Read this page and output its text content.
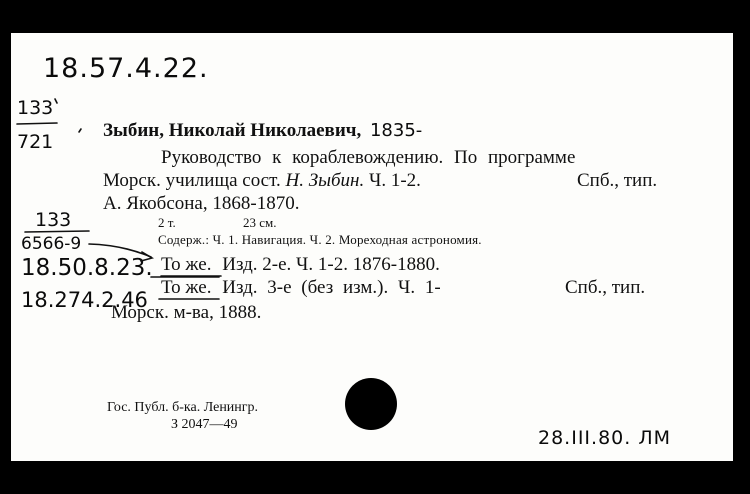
18.57.4.22.
133
721
Зыбин, Николай Николаевич, 1835-
Руководство к кораблевождению. По программе
Морск. училища сост. Н. Зыбин. Ч. 1-2.	Спб., тип.
А. Якобсона, 1868-1870.
133
6566-9
2 т.	23 см.
Содерж.: Ч. 1. Навигация. Ч. 2. Мореходная астрономия.
18.50.8.23. То же. Изд. 2-е. Ч. 1-2. 1876-1880.
18.274.2.46
То же. Изд. 3-е (без изм.). Ч. 1-	Спб., тип.
Морск. м-ва, 1888.
Гос. Публ. б-ка. Ленингр.
З 2047—49
28.III.80. ЛМ
